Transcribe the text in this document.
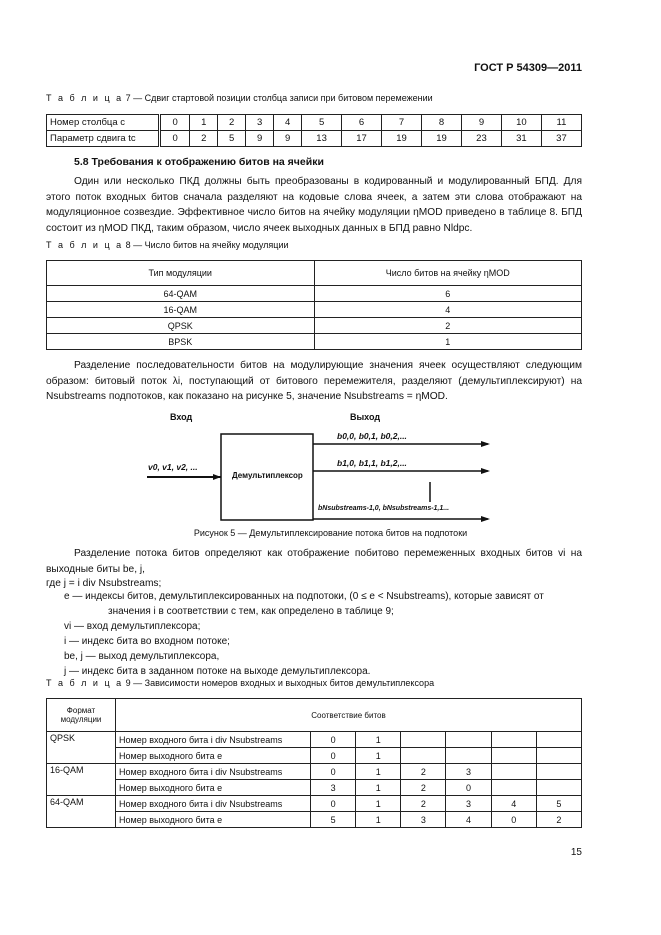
ГОСТ Р 54309—2011
Т а б л и ц а 7 — Сдвиг стартовой позиции столбца записи при битовом перемежении
Номер столбца c	0	1	2	3	4	5	6	7	8	9	10	11
Параметр сдвига tc	0	2	5	9	9	13	17	19	19	23	31	37
5.8 Требования к отображению битов на ячейки

Один или несколько ПКД должны быть преобразованы в кодированный и модулированный БПД. Для этого поток входных битов сначала разделяют на кодовые слова ячеек, а затем эти слова отображают на модуляционное созвездие. Эффективное число битов на ячейку модуляции ηMOD приведено в таблице 8. БПД состоит из ηMOD ПКД, таким образом, число ячеек выходных данных в БПД равно Nldpc.

Т а б л и ц а 8 — Число битов на ячейку модуляции
Тип модуляции	Число битов на ячейку ηMOD
64-QAM	6
16-QAM	4
QPSK	2
BPSK	1

Разделение последовательности битов на модулирующие значения ячеек осуществляют следующим образом: битовый поток λi, поступающий от битового перемежителя, разделяют (демультиплексируют) на Nsubstreams подпотоков, как показано на рисунке 5, значение Nsubstreams = ηMOD.

Вход	Выход
Демультиплексор
v0, v1, v2, ...
b0,0, b0,1, b0,2,...
b1,0, b1,1, b1,2,...
bNsubstreams-1,0, bNsubstreams-1,1...
Рисунок 5 — Демультиплексирование потока битов на подпотоки

Разделение потока битов определяют как отображение побитово перемеженных входных битов vi на выходные биты be, j,

где j = i div Nsubstreams;

e — индексы битов, демультиплексированных на подпотоки, (0 ≤ e < Nsubstreams), которые зависят от
значения i в соответствии с тем, как определено в таблице 9;
vi — вход демультиплексора;
i — индекс бита во входном потоке;
be, j — выход демультиплексора,
j — индекс бита в заданном потоке на выходе демультиплексора.
Т а б л и ц а 9 — Зависимости номеров входных и выходных битов демультиплексора
Формат модуляции	Соответствие битов						
QPSK	Номер входного бита i div Nsubstreams	0	1				
	Номер выходного бита e	0	1				
16-QAM	Номер входного бита i div Nsubstreams	0	1	2	3		
	Номер выходного бита e	3	1	2	0		
64-QAM	Номер входного бита i div Nsubstreams	0	1	2	3	4	5
	Номер выходного бита e	5	1	3	4	0	2
15
